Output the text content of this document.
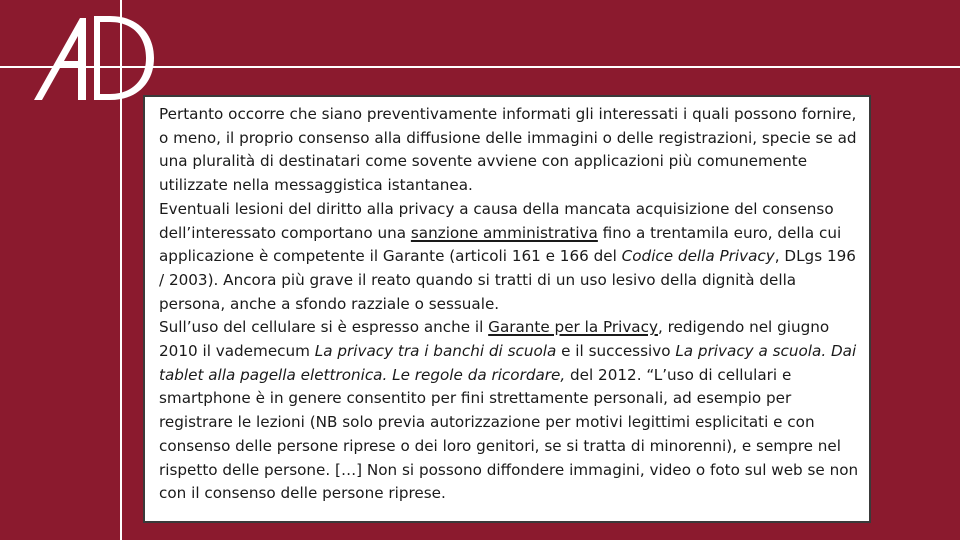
Pertanto occorre che siano preventivamente informati gli interessati i quali possono fornire, o meno, il proprio consenso alla diffusione delle immagini o delle registrazioni, specie se ad una pluralità di destinatari come sovente avviene con applicazioni più comunemente utilizzate nella messaggistica istantanea.

Eventuali lesioni del diritto alla privacy a causa della mancata acquisizione del consenso dell’interessato comportano una sanzione amministrativa fino a trentamila euro, della cui applicazione è competente il Garante (articoli 161 e 166 del Codice della Privacy, DLgs 196 / 2003). Ancora più grave il reato quando si tratti di un uso lesivo della dignità della persona, anche a sfondo razziale o sessuale.

Sull’uso del cellulare si è espresso anche il Garante per la Privacy, redigendo nel giugno 2010 il vademecum La privacy tra i banchi di scuola e il successivo La privacy a scuola. Dai tablet alla pagella elettronica. Le regole da ricordare, del 2012. “L’uso di cellulari e smartphone è in genere consentito per fini strettamente personali, ad esempio per registrare le lezioni (NB solo previa autorizzazione per motivi legittimi esplicitati e con consenso delle persone riprese o dei loro genitori, se si tratta di minorenni), e sempre nel rispetto delle persone. […] Non si possono diffondere immagini, video o foto sul web se non con il consenso delle persone riprese.
